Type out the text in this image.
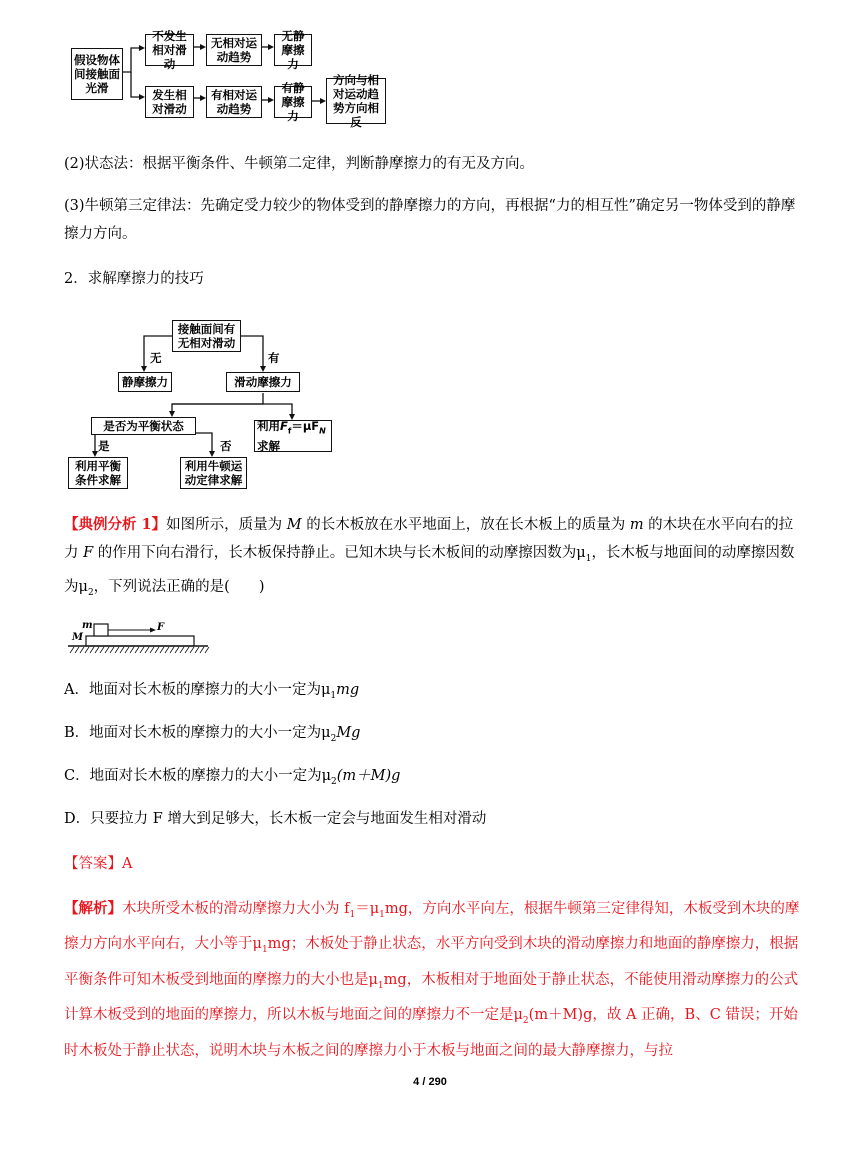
假设物体间接触面光滑
不发生相对滑动
无相对运动趋势
无静摩擦力
发生相对滑动
有相对运动趋势
有静摩擦力
方向与相对运动趋势方向相反

(2)状态法：根据平衡条件、牛顿第二定律，判断静摩擦力的有无及方向。

(3)牛顿第三定律法：先确定受力较少的物体受到的静摩擦力的方向，再根据“力的相互性”确定另一物体受到的静摩擦力方向。

2．求解摩擦力的技巧

接触面间有无相对滑动
无	有
静摩擦力	滑动摩擦力
是否为平衡状态
是	否
利用$F_f=\mu F_N$
求解
利用平衡条件求解
利用牛顿运动定律求解

【典例分析 1】如图所示，质量为 M 的长木板放在水平地面上，放在长木板上的质量为 m 的木块在水平向右的拉力 F 的作用下向右滑行，长木板保持静止。已知木块与长木板间的动摩擦因数为$\mu_1$，长木板与地面间的动摩擦因数为$\mu_2$，下列说法正确的是(　　)

m
M
F

A．地面对长木板的摩擦力的大小一定为$\mu_1mg$

B．地面对长木板的摩擦力的大小一定为$\mu_2Mg$

C．地面对长木板的摩擦力的大小一定为$\mu_2(m+M)g$

D．只要拉力 F 增大到足够大，长木板一定会与地面发生相对滑动

【答案】A

【解析】木块所受木板的滑动摩擦力大小为 $f_1=\mu_1mg$，方向水平向左，根据牛顿第三定律得知，木板受到木块的摩擦力方向水平向右，大小等于$\mu_1mg$；木板处于静止状态，水平方向受到木块的滑动摩擦力和地面的静摩擦力，根据平衡条件可知木板受到地面的摩擦力的大小也是$\mu_1mg$，木板相对于地面处于静止状态，不能使用滑动摩擦力的公式计算木板受到的地面的摩擦力，所以木板与地面之间的摩擦力不一定是$\mu_2(m+M)g$，故 A 正确，B、C 错误；开始时木板处于静止状态，说明木块与木板之间的摩擦力小于木板与地面之间的最大静摩擦力，与拉

4 / 290
